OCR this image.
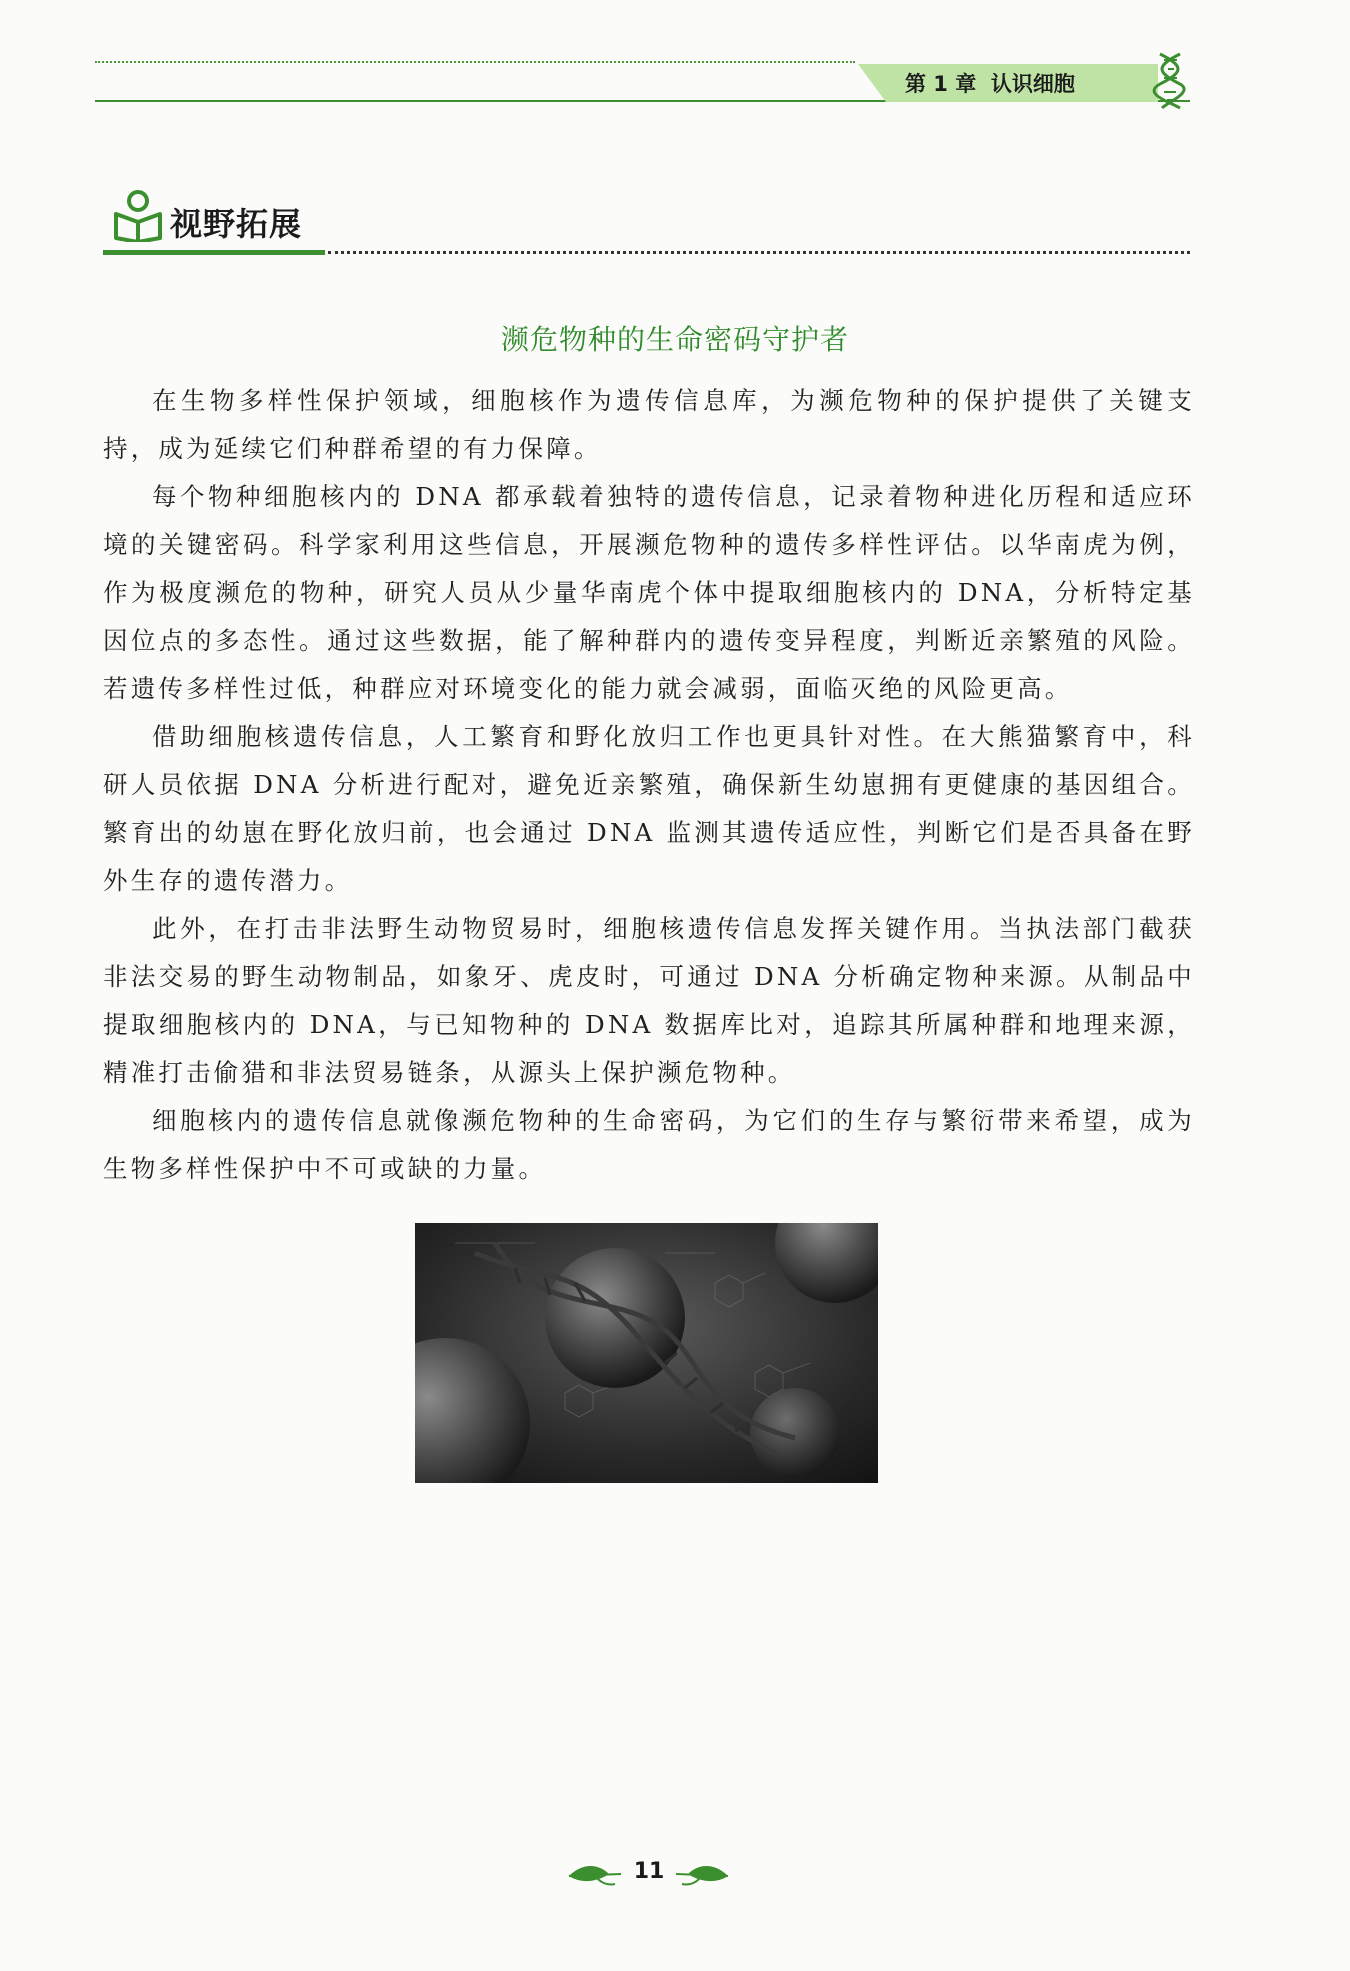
第 1 章 认识细胞
视野拓展
濒危物种的生命密码守护者

在生物多样性保护领域，细胞核作为遗传信息库，为濒危物种的保护提供了关键支持，成为延续它们种群希望的有力保障。

每个物种细胞核内的 DNA 都承载着独特的遗传信息，记录着物种进化历程和适应环境的关键密码。科学家利用这些信息，开展濒危物种的遗传多样性评估。以华南虎为例，作为极度濒危的物种，研究人员从少量华南虎个体中提取细胞核内的 DNA，分析特定基因位点的多态性。通过这些数据，能了解种群内的遗传变异程度，判断近亲繁殖的风险。若遗传多样性过低，种群应对环境变化的能力就会减弱，面临灭绝的风险更高。

借助细胞核遗传信息，人工繁育和野化放归工作也更具针对性。在大熊猫繁育中，科研人员依据 DNA 分析进行配对，避免近亲繁殖，确保新生幼崽拥有更健康的基因组合。繁育出的幼崽在野化放归前，也会通过 DNA 监测其遗传适应性，判断它们是否具备在野外生存的遗传潜力。

此外，在打击非法野生动物贸易时，细胞核遗传信息发挥关键作用。当执法部门截获非法交易的野生动物制品，如象牙、虎皮时，可通过 DNA 分析确定物种来源。从制品中提取细胞核内的 DNA，与已知物种的 DNA 数据库比对，追踪其所属种群和地理来源，精准打击偷猎和非法贸易链条，从源头上保护濒危物种。

细胞核内的遗传信息就像濒危物种的生命密码，为它们的生存与繁衍带来希望，成为生物多样性保护中不可或缺的力量。

11
